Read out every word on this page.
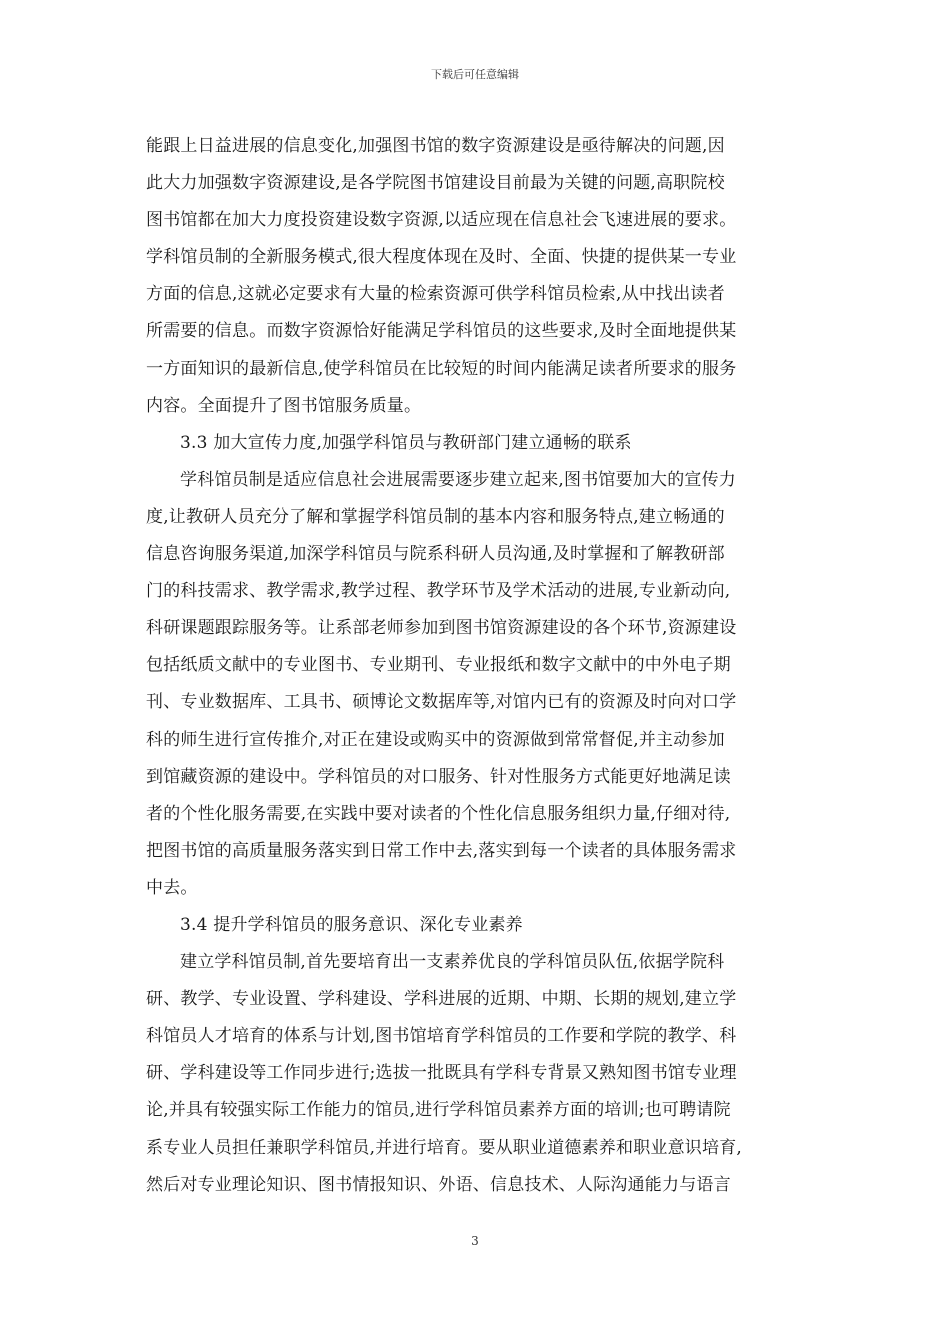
下载后可任意编辑
能跟上日益进展的信息变化,加强图书馆的数字资源建设是亟待解决的问题,因
此大力加强数字资源建设,是各学院图书馆建设目前最为关键的问题,高职院校
图书馆都在加大力度投资建设数字资源,以适应现在信息社会飞速进展的要求。
学科馆员制的全新服务模式,很大程度体现在及时、全面、快捷的提供某一专业
方面的信息,这就必定要求有大量的检索资源可供学科馆员检索,从中找出读者
所需要的信息。而数字资源恰好能满足学科馆员的这些要求,及时全面地提供某
一方面知识的最新信息,使学科馆员在比较短的时间内能满足读者所要求的服务
内容。全面提升了图书馆服务质量。
3.3 加大宣传力度,加强学科馆员与教研部门建立通畅的联系
学科馆员制是适应信息社会进展需要逐步建立起来,图书馆要加大的宣传力
度,让教研人员充分了解和掌握学科馆员制的基本内容和服务特点,建立畅通的
信息咨询服务渠道,加深学科馆员与院系科研人员沟通,及时掌握和了解教研部
门的科技需求、教学需求,教学过程、教学环节及学术活动的进展,专业新动向,
科研课题跟踪服务等。让系部老师参加到图书馆资源建设的各个环节,资源建设
包括纸质文献中的专业图书、专业期刊、专业报纸和数字文献中的中外电子期
刊、专业数据库、工具书、硕博论文数据库等,对馆内已有的资源及时向对口学
科的师生进行宣传推介,对正在建设或购买中的资源做到常常督促,并主动参加
到馆藏资源的建设中。学科馆员的对口服务、针对性服务方式能更好地满足读
者的个性化服务需要,在实践中要对读者的个性化信息服务组织力量,仔细对待,
把图书馆的高质量服务落实到日常工作中去,落实到每一个读者的具体服务需求
中去。
3.4 提升学科馆员的服务意识、深化专业素养
建立学科馆员制,首先要培育出一支素养优良的学科馆员队伍,依据学院科
研、教学、专业设置、学科建设、学科进展的近期、中期、长期的规划,建立学
科馆员人才培育的体系与计划,图书馆培育学科馆员的工作要和学院的教学、科
研、学科建设等工作同步进行;选拔一批既具有学科专背景又熟知图书馆专业理
论,并具有较强实际工作能力的馆员,进行学科馆员素养方面的培训;也可聘请院
系专业人员担任兼职学科馆员,并进行培育。要从职业道德素养和职业意识培育,
然后对专业理论知识、图书情报知识、外语、信息技术、人际沟通能力与语言
3
